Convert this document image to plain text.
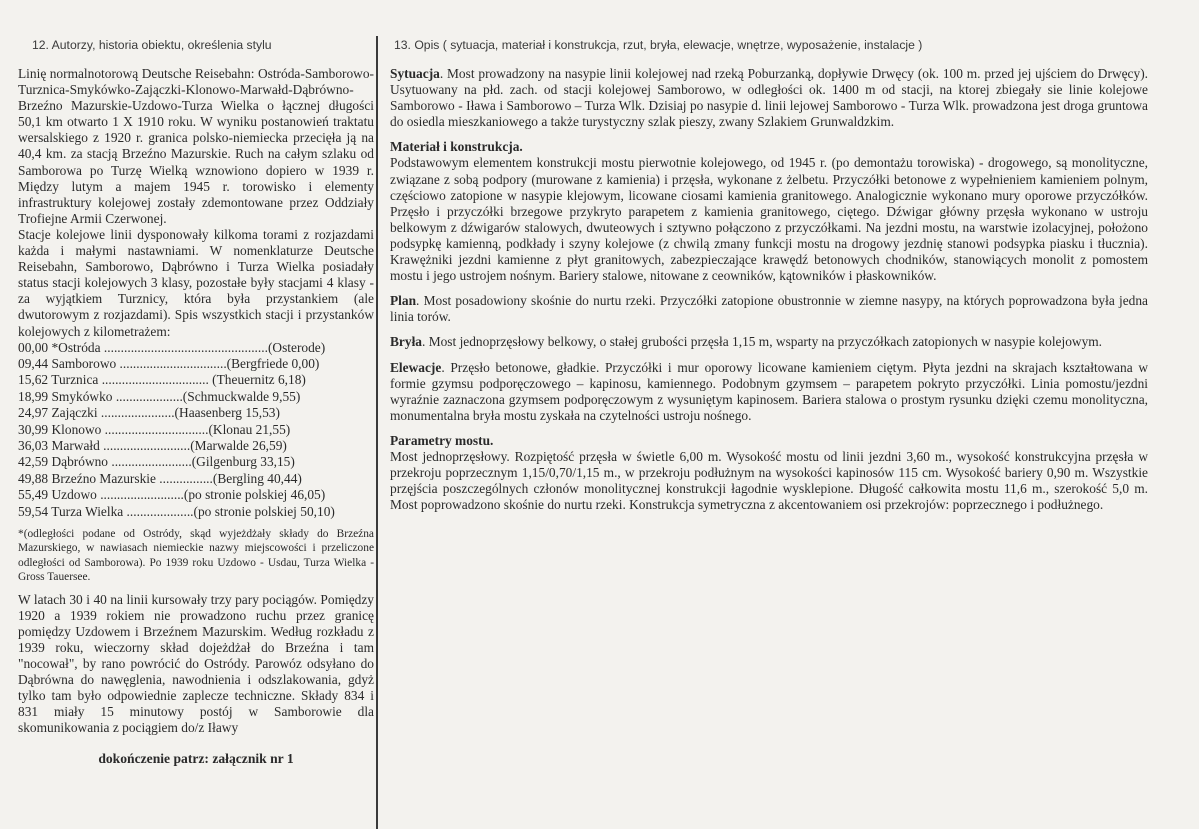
12. Autorzy, historia obiektu, określenia stylu

Linię normalnotorową Deutsche Reisebahn: Ostróda-Samborowo-Turznica-Smykówko-Zajączki-Klonowo-Marwałd-Dąbrówno-Brzeźno Mazurskie-Uzdowo-Turza Wielka o łącznej długości 50,1 km otwarto 1 X 1910 roku. W wyniku postanowień traktatu wersalskiego z 1920 r. granica polsko-niemiecka przecięła ją na 40,4 km. za stacją Brzeźno Mazurskie. Ruch na całym szlaku od Samborowa po Turzę Wielką wznowiono dopiero w 1939 r. Między lutym a majem 1945 r. torowisko i elementy infrastruktury kolejowej zostały zdemontowane przez Oddziały Trofiejne Armii Czerwonej.

Stacje kolejowe linii dysponowały kilkoma torami z rozjazdami każda i małymi nastawniami. W nomenklaturze Deutsche Reisebahn, Samborowo, Dąbrówno i Turza Wielka posiadały status stacji kolejowych 3 klasy, pozostałe były stacjami 4 klasy - za wyjątkiem Turznicy, która była przystankiem (ale dwutorowym z rozjazdami). Spis wszystkich stacji i przystanków kolejowych z kilometrażem:

00,00 *Ostróda .................................................(Osterode)
09,44 Samborowo ................................(Bergfriede 0,00)
15,62 Turznica ................................ (Theuernitz 6,18)
18,99 Smykówko ....................(Schmuckwalde 9,55)
24,97 Zajączki ......................(Haasenberg 15,53)
30,99 Klonowo ...............................(Klonau 21,55)
36,03 Marwałd ..........................(Marwalde 26,59)
42,59 Dąbrówno ........................(Gilgenburg 33,15)
49,88 Brzeźno Mazurskie ................(Bergling 40,44)
55,49 Uzdowo .........................(po stronie polskiej 46,05)
59,54 Turza Wielka ....................(po stronie polskiej 50,10)

*(odległości podane od Ostródy, skąd wyjeżdżały składy do Brzeźna Mazurskiego, w nawiasach niemieckie nazwy miejscowości i przeliczone odległości od Samborowa). Po 1939 roku Uzdowo - Usdau, Turza Wielka - Gross Tauersee.

W latach 30 i 40 na linii kursowały trzy pary pociągów. Pomiędzy 1920 a 1939 rokiem nie prowadzono ruchu przez granicę pomiędzy Uzdowem i Brzeźnem Mazurskim. Według rozkładu z 1939 roku, wieczorny skład dojeżdżał do Brzeźna i tam "nocował", by rano powrócić do Ostródy. Parowóz odsyłano do Dąbrówna do nawęglenia, nawodnienia i odszlakowania, gdyż tylko tam było odpowiednie zaplecze techniczne. Składy 834 i 831 miały 15 minutowy postój w Samborowie dla skomunikowania z pociągiem do/z Iławy

dokończenie patrz: załącznik nr 1

13. Opis ( sytuacja, materiał i konstrukcja, rzut, bryła, elewacje, wnętrze, wyposażenie, instalacje )

Sytuacja. Most prowadzony na nasypie linii kolejowej nad rzeką Poburzanką, dopływie Drwęcy (ok. 100 m. przed jej ujściem do Drwęcy). Usytuowany na płd. zach. od stacji kolejowej Samborowo, w odległości ok. 1400 m od stacji, na ktorej zbiegały sie linie kolejowe Samborowo - Iława i Samborowo – Turza Wlk. Dzisiaj po nasypie d. linii lejowej Samborowo - Turza Wlk. prowadzona jest droga gruntowa do osiedla mieszkaniowego a także turystyczny szlak pieszy, zwany Szlakiem Grunwaldzkim.

Materiał i konstrukcja.

Podstawowym elementem konstrukcji mostu pierwotnie kolejowego, od 1945 r. (po demontażu torowiska) - drogowego, są monolityczne, związane z sobą podpory (murowane z kamienia) i przęsła, wykonane z żelbetu. Przyczółki betonowe z wypełnieniem kamieniem polnym, częściowo zatopione w nasypie klejowym, licowane ciosami kamienia granitowego. Analogicznie wykonano mury oporowe przyczółków. Przęsło i przyczółki brzegowe przykryto parapetem z kamienia granitowego, ciętego. Dźwigar główny przęsła wykonano w ustroju belkowym z dźwigarów stalowych, dwuteowych i sztywno połączono z przyczółkami. Na jezdni mostu, na warstwie izolacyjnej, położono podsypkę kamienną, podkłady i szyny kolejowe (z chwilą zmany funkcji mostu na drogowy jezdnię stanowi podsypka piasku i tłucznia). Krawężniki jezdni kamienne z płyt granitowych, zabezpieczające krawędź betonowych chodników, stanowiących monolit z pomostem mostu i jego ustrojem nośnym. Bariery stalowe, nitowane z ceowników, kątowników i płaskowników.

Plan. Most posadowiony skośnie do nurtu rzeki. Przyczółki zatopione obustronnie w ziemne nasypy, na których poprowadzona była jedna linia torów.

Bryła. Most jednoprzęsłowy belkowy, o stałej grubości przęsła 1,15 m, wsparty na przyczółkach zatopionych w nasypie kolejowym.

Elewacje. Przęsło betonowe, gładkie. Przyczółki i mur oporowy licowane kamieniem ciętym. Płyta jezdni na skrajach kształtowana w formie gzymsu podporęczowego – kapinosu, kamiennego. Podobnym gzymsem – parapetem pokryto przyczółki. Linia pomostu/jezdni wyraźnie zaznaczona gzymsem podporęczowym z wysuniętym kapinosem. Bariera stalowa o prostym rysunku dzięki czemu monolityczna, monumentalna bryła mostu zyskała na czytelności ustroju nośnego.

Parametry mostu.

Most jednoprzęsłowy. Rozpiętość przęsła w świetle 6,00 m. Wysokość mostu od linii jezdni 3,60 m., wysokość konstrukcyjna przęsła w przekroju poprzecznym 1,15/0,70/1,15 m., w przekroju podłużnym na wysokości kapinosów 115 cm. Wysokość bariery 0,90 m. Wszystkie przęjścia poszczególnych członów monolitycznej konstrukcji łagodnie wysklepione. Długość całkowita mostu 11,6 m., szerokość 5,0 m. Most poprowadzono skośnie do nurtu rzeki. Konstrukcja symetryczna z akcentowaniem osi przekrojów: poprzecznego i podłużnego.
